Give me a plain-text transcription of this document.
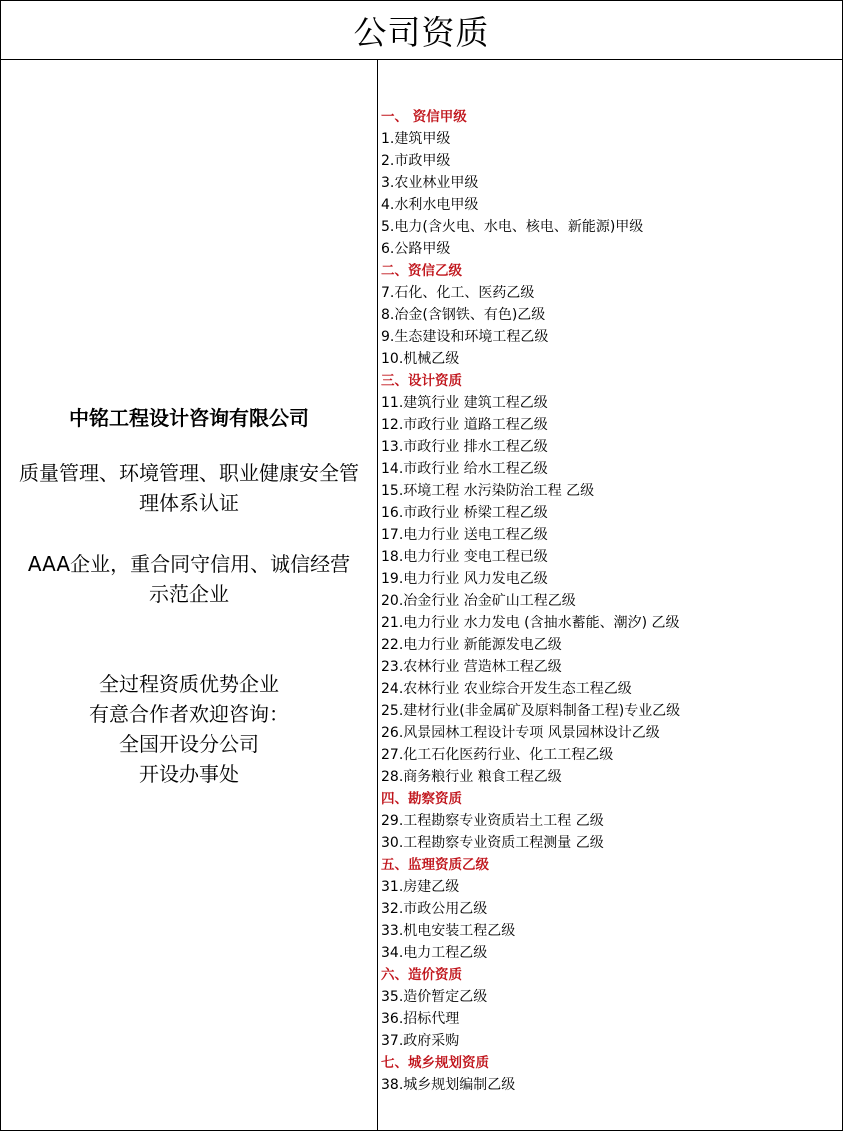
公司资质
中铭工程设计咨询有限公司
质量管理、环境管理、职业健康安全管
理体系认证
AAA企业，重合同守信用、诚信经营
示范企业
全过程资质优势企业
有意合作者欢迎咨询：
全国开设分公司
开设办事处
一、 资信甲级
1.建筑甲级
2.市政甲级
3.农业林业甲级
4.水利水电甲级
5.电力(含火电、水电、核电、新能源)甲级
6.公路甲级
二、资信乙级
7.石化、化工、医药乙级
8.冶金(含钢铁、有色)乙级
9.生态建设和环境工程乙级
10.机械乙级
三、设计资质
11.建筑行业 建筑工程乙级
12.市政行业 道路工程乙级
13.市政行业 排水工程乙级
14.市政行业 给水工程乙级
15.环境工程 水污染防治工程 乙级
16.市政行业 桥梁工程乙级
17.电力行业 送电工程乙级
18.电力行业 变电工程已级
19.电力行业 风力发电乙级
20.冶金行业 冶金矿山工程乙级
21.电力行业 水力发电 (含抽水蓄能、潮汐) 乙级
22.电力行业 新能源发电乙级
23.农林行业 营造林工程乙级
24.农林行业 农业综合开发生态工程乙级
25.建材行业(非金属矿及原料制备工程)专业乙级
26.风景园林工程设计专项 风景园林设计乙级
27.化工石化医药行业、化工工程乙级
28.商务粮行业 粮食工程乙级
四、勘察资质
29.工程勘察专业资质岩土工程 乙级
30.工程勘察专业资质工程测量 乙级
五、监理资质乙级
31.房建乙级
32.市政公用乙级
33.机电安装工程乙级
34.电力工程乙级
六、造价资质
35.造价暂定乙级
36.招标代理
37.政府采购
七、城乡规划资质
38.城乡规划编制乙级
